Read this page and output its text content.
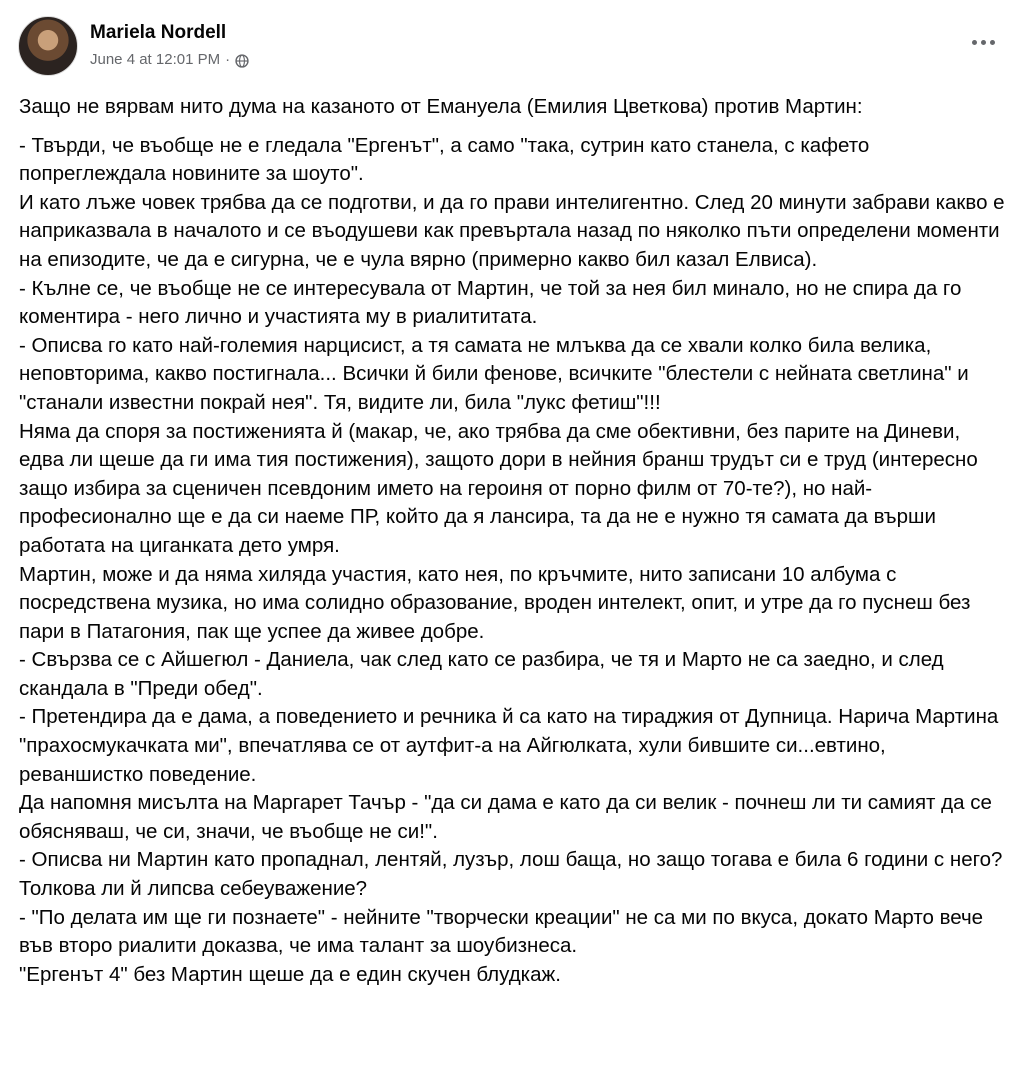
Mariela Nordell
June 4 at 12:01 PM ·

Защо не вярвам нито дума на казаното от Емануела (Емилия Цветкова) против Мартин:

- Твърди, че въобще не е гледала "Ергенът", а само "така, сутрин като станела, с кафето попреглеждала новините за шоуто".

И като лъже човек трябва да се подготви, и да го прави интелигентно. След 20 минути забрави какво е наприказвала в началото и се въодушеви как превъртала назад по няколко пъти определени моменти на епизодите, че да е сигурна, че е чула вярно (примерно какво бил казал Елвиса).

- Кълне се, че въобще не се интересувала от Мартин, че той за нея бил минало, но не спира да го коментира - него лично и участията му в риалититата.

- Описва го като най-големия нарцисист, а тя самата не млъква да се хвали колко била велика, неповторима, какво постигнала... Всички й били фенове, всичките "блестели с нейната светлина" и "станали известни покрай нея". Тя, видите ли, била "лукс фетиш"!!!

Няма да споря за постиженията й (макар, че, ако трябва да сме обективни, без парите на Диневи, едва ли щеше да ги има тия постижения), защото дори в нейния бранш трудът си е труд (интересно защо избира за сценичен псевдоним името на героиня от порно филм от 70-те?), но най-професионално ще е да си наеме ПР, който да я лансира, та да не е нужно тя самата да върши работата на циганката дето умря.

Мартин, може и да няма хиляда участия, като нея, по кръчмите, нито записани 10 албума с посредствена музика, но има солидно образование, вроден интелект, опит, и утре да го пуснеш без пари в Патагония, пак ще успее да живее добре.

- Свързва се с Айшегюл - Даниела, чак след като се разбира, че тя и Марто не са заедно, и след скандала в "Преди обед".

- Претендира да е дама, а поведението и речника й са като на тираджия от Дупница. Нарича Мартина "прахосмукачката ми", впечатлява се от аутфит-а на Айгюлката, хули бившите си...евтино, реваншистко поведение.

Да напомня мисълта на Маргарет Тачър - "да си дама е като да си велик - почнеш ли ти самият да се обясняваш, че си, значи, че въобще не си!".

- Описва ни Мартин като пропаднал, лентяй, лузър, лош баща, но защо тогава е била 6 години с него? Толкова ли й липсва себеуважение?

- "По делата им ще ги познаете" - нейните "творчески креации" не са ми по вкуса, докато Марто вече във второ риалити доказва, че има талант за шоубизнеса.

"Ергенът 4" без Мартин щеше да е един скучен блудкаж.
